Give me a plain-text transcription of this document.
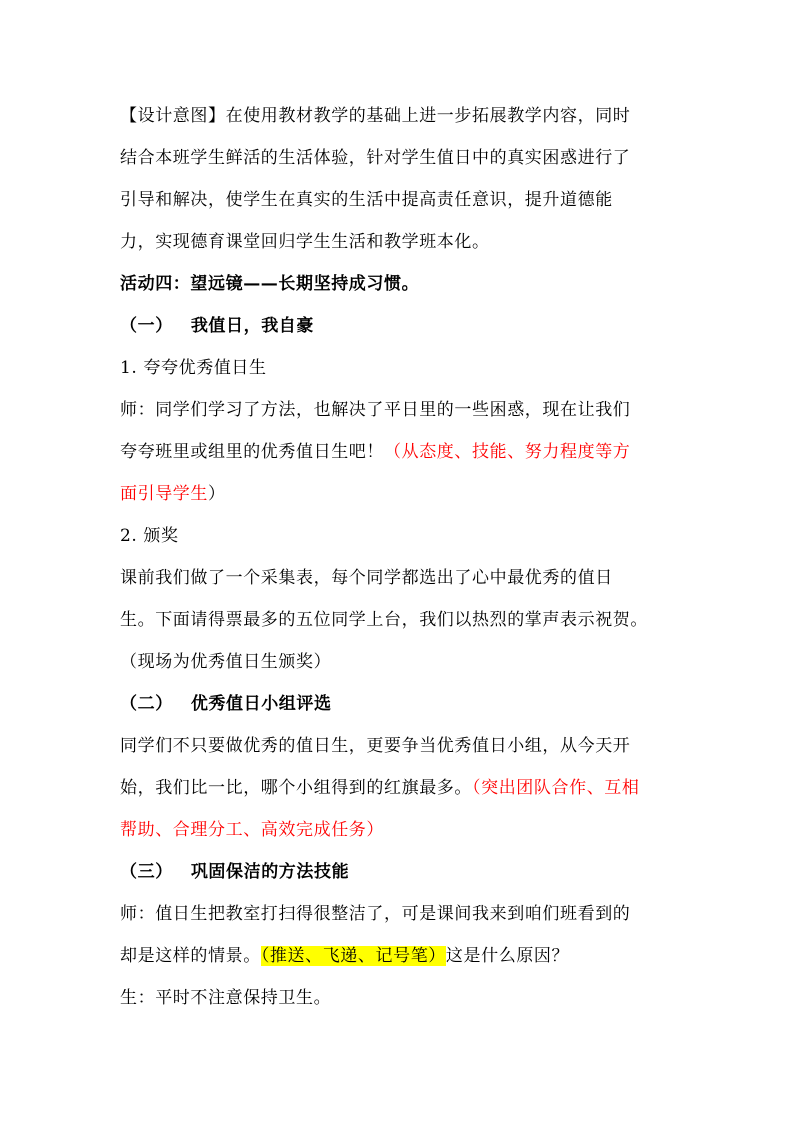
【设计意图】在使用教材教学的基础上进一步拓展教学内容，同时
结合本班学生鲜活的生活体验，针对学生值日中的真实困惑进行了
引导和解决，使学生在真实的生活中提高责任意识，提升道德能
力，实现德育课堂回归学生生活和教学班本化。
活动四：望远镜——长期坚持成习惯。
（一） 我值日，我自豪
1. 夸夸优秀值日生
师：同学们学习了方法，也解决了平日里的一些困惑，现在让我们
夸夸班里或组里的优秀值日生吧！（从态度、技能、努力程度等方
面引导学生）
2. 颁奖
课前我们做了一个采集表，每个同学都选出了心中最优秀的值日
生。下面请得票最多的五位同学上台，我们以热烈的掌声表示祝贺。
（现场为优秀值日生颁奖）
（二） 优秀值日小组评选
同学们不只要做优秀的值日生，更要争当优秀值日小组，从今天开
始，我们比一比，哪个小组得到的红旗最多。（突出团队合作、互相
帮助、合理分工、高效完成任务）
（三） 巩固保洁的方法技能
师：值日生把教室打扫得很整洁了，可是课间我来到咱们班看到的
却是这样的情景。（推送、飞递、记号笔）这是什么原因？
生：平时不注意保持卫生。
